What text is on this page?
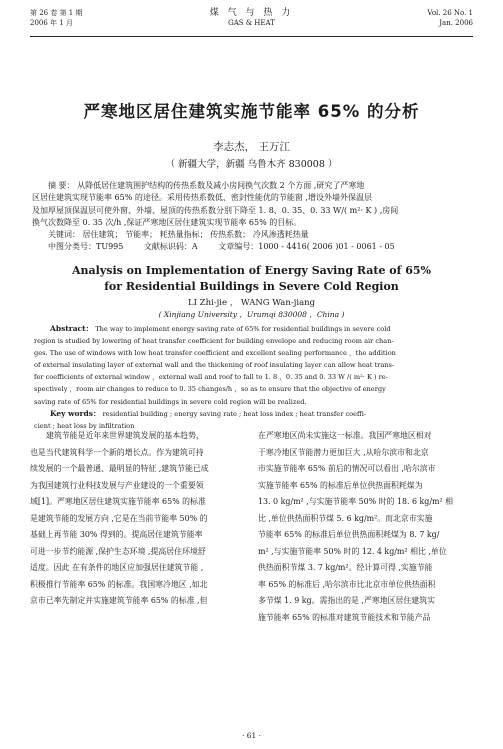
第 26 卷 第 1 期
2006 年 1 月
煤 气 与 热 力
GAS & HEAT
Vol. 26 No. 1
Jan. 2006
严寒地区居住建筑实施节能率 65% 的分析
李志杰， 王万江
（ 新疆大学，新疆 乌鲁木齐 830008 ）
摘 要： 从降低居住建筑围护结构的传热系数及减小房间换气次数 2 个方面 ,研究了严寒地
区居住建筑实现节能率 65% 的途径。采用传热系数低、密封性能优的节能窗 ,增设外墙外保温层
及加厚屋顶保温层可使外窗、外墙、屋顶的传热系数分别下降至 1. 8、0. 35、0. 33 W/( m²· K ) ,房间
换气次数降至 0. 35 次/h ,保证严寒地区居住建筑实现节能率 65% 的目标。
关键词： 居住建筑； 节能率； 耗热量指标； 传热系数； 冷风渗透耗热量
中图分类号：TU995	文献标识码：A	文章编号：1000 - 4416( 2006 )01 - 0061 - 05
Analysis on Implementation of Energy Saving Rate of 65%
for Residential Buildings in Severe Cold Region
LI Zhi-jie ， WANG Wan-jiang
( Xinjiang University ，Urumqi 830008 ，China )
Abstract： The way to implement energy saving rate of 65% for residential buildings in severe cold
region is studied by lowering of heat transfer coefficient for building envelope and reducing room air chan-
ges. The use of windows with low heat transfer coefficient and excellent sealing performance ，the addition
of external insulating layer of external wall and the thickening of roof insulating layer can allow heat trans-
fer coefficients of external window ，external wall and roof to fall to 1. 8 ，0. 35 and 0. 33 W /( m²· K ) re-
spectively ，room air changes to reduce to 0. 35 changes/h ，so as to ensure that the objective of energy
saving rate of 65% for residential buildings in severe cold region will be realized.
Key words： residential building ; energy saving rate ; heat loss index ; heat transfer coeffi-
cient ; heat loss by infiltration
建筑节能是近年来世界建筑发展的基本趋势，
也是当代建筑科学一个新的增长点。作为建筑可持
续发展的一个最普通、最明显的特征 ,建筑节能已成
为我国建筑行业科技发展与产业建设的一个重要领
域[1]。严寒地区居住建筑实施节能率 65% 的标准
是建筑节能的发展方向 ,它是在当前节能率 50% 的
基础上再节能 30% 得到的。提高居住建筑节能率
可进一步节约能源 ,保护生态环境 ,提高居住环境舒
适度。因此 在有条件的地区应加强居住建筑节能 ,
积极推行节能率 65% 的标准。我国寒冷地区 ,如北
京市已率先制定并实施建筑节能率 65% 的标准 ,但
在严寒地区尚未实施这一标准。我国严寒地区相对
于寒冷地区节能潜力更加巨大 ,从哈尔滨市和北京
市实施节能率 65% 前后的情况可以看出 ,哈尔滨市
实施节能率 65% 的标准后单位供热面积耗煤为
13. 0 kg/m² ,与实施节能率 50% 时的 18. 6 kg/m² 相
比 ,单位供热面积节煤 5. 6 kg/m²。而北京市实施
节能率 65% 的标准后单位供热面积耗煤为 8. 7 kg/
m² ,与实施节能率 50% 时的 12. 4 kg/m² 相比 ,单位
供热面积节煤 3. 7 kg/m²。经计算可得 ,实施节能
率 65% 的标准后 ,哈尔滨市比北京市单位供热面积
多节煤 1. 9 kg。需指出的是 ,严寒地区居住建筑实
施节能率 65% 的标准对建筑节能技术和节能产品
· 61 ·
